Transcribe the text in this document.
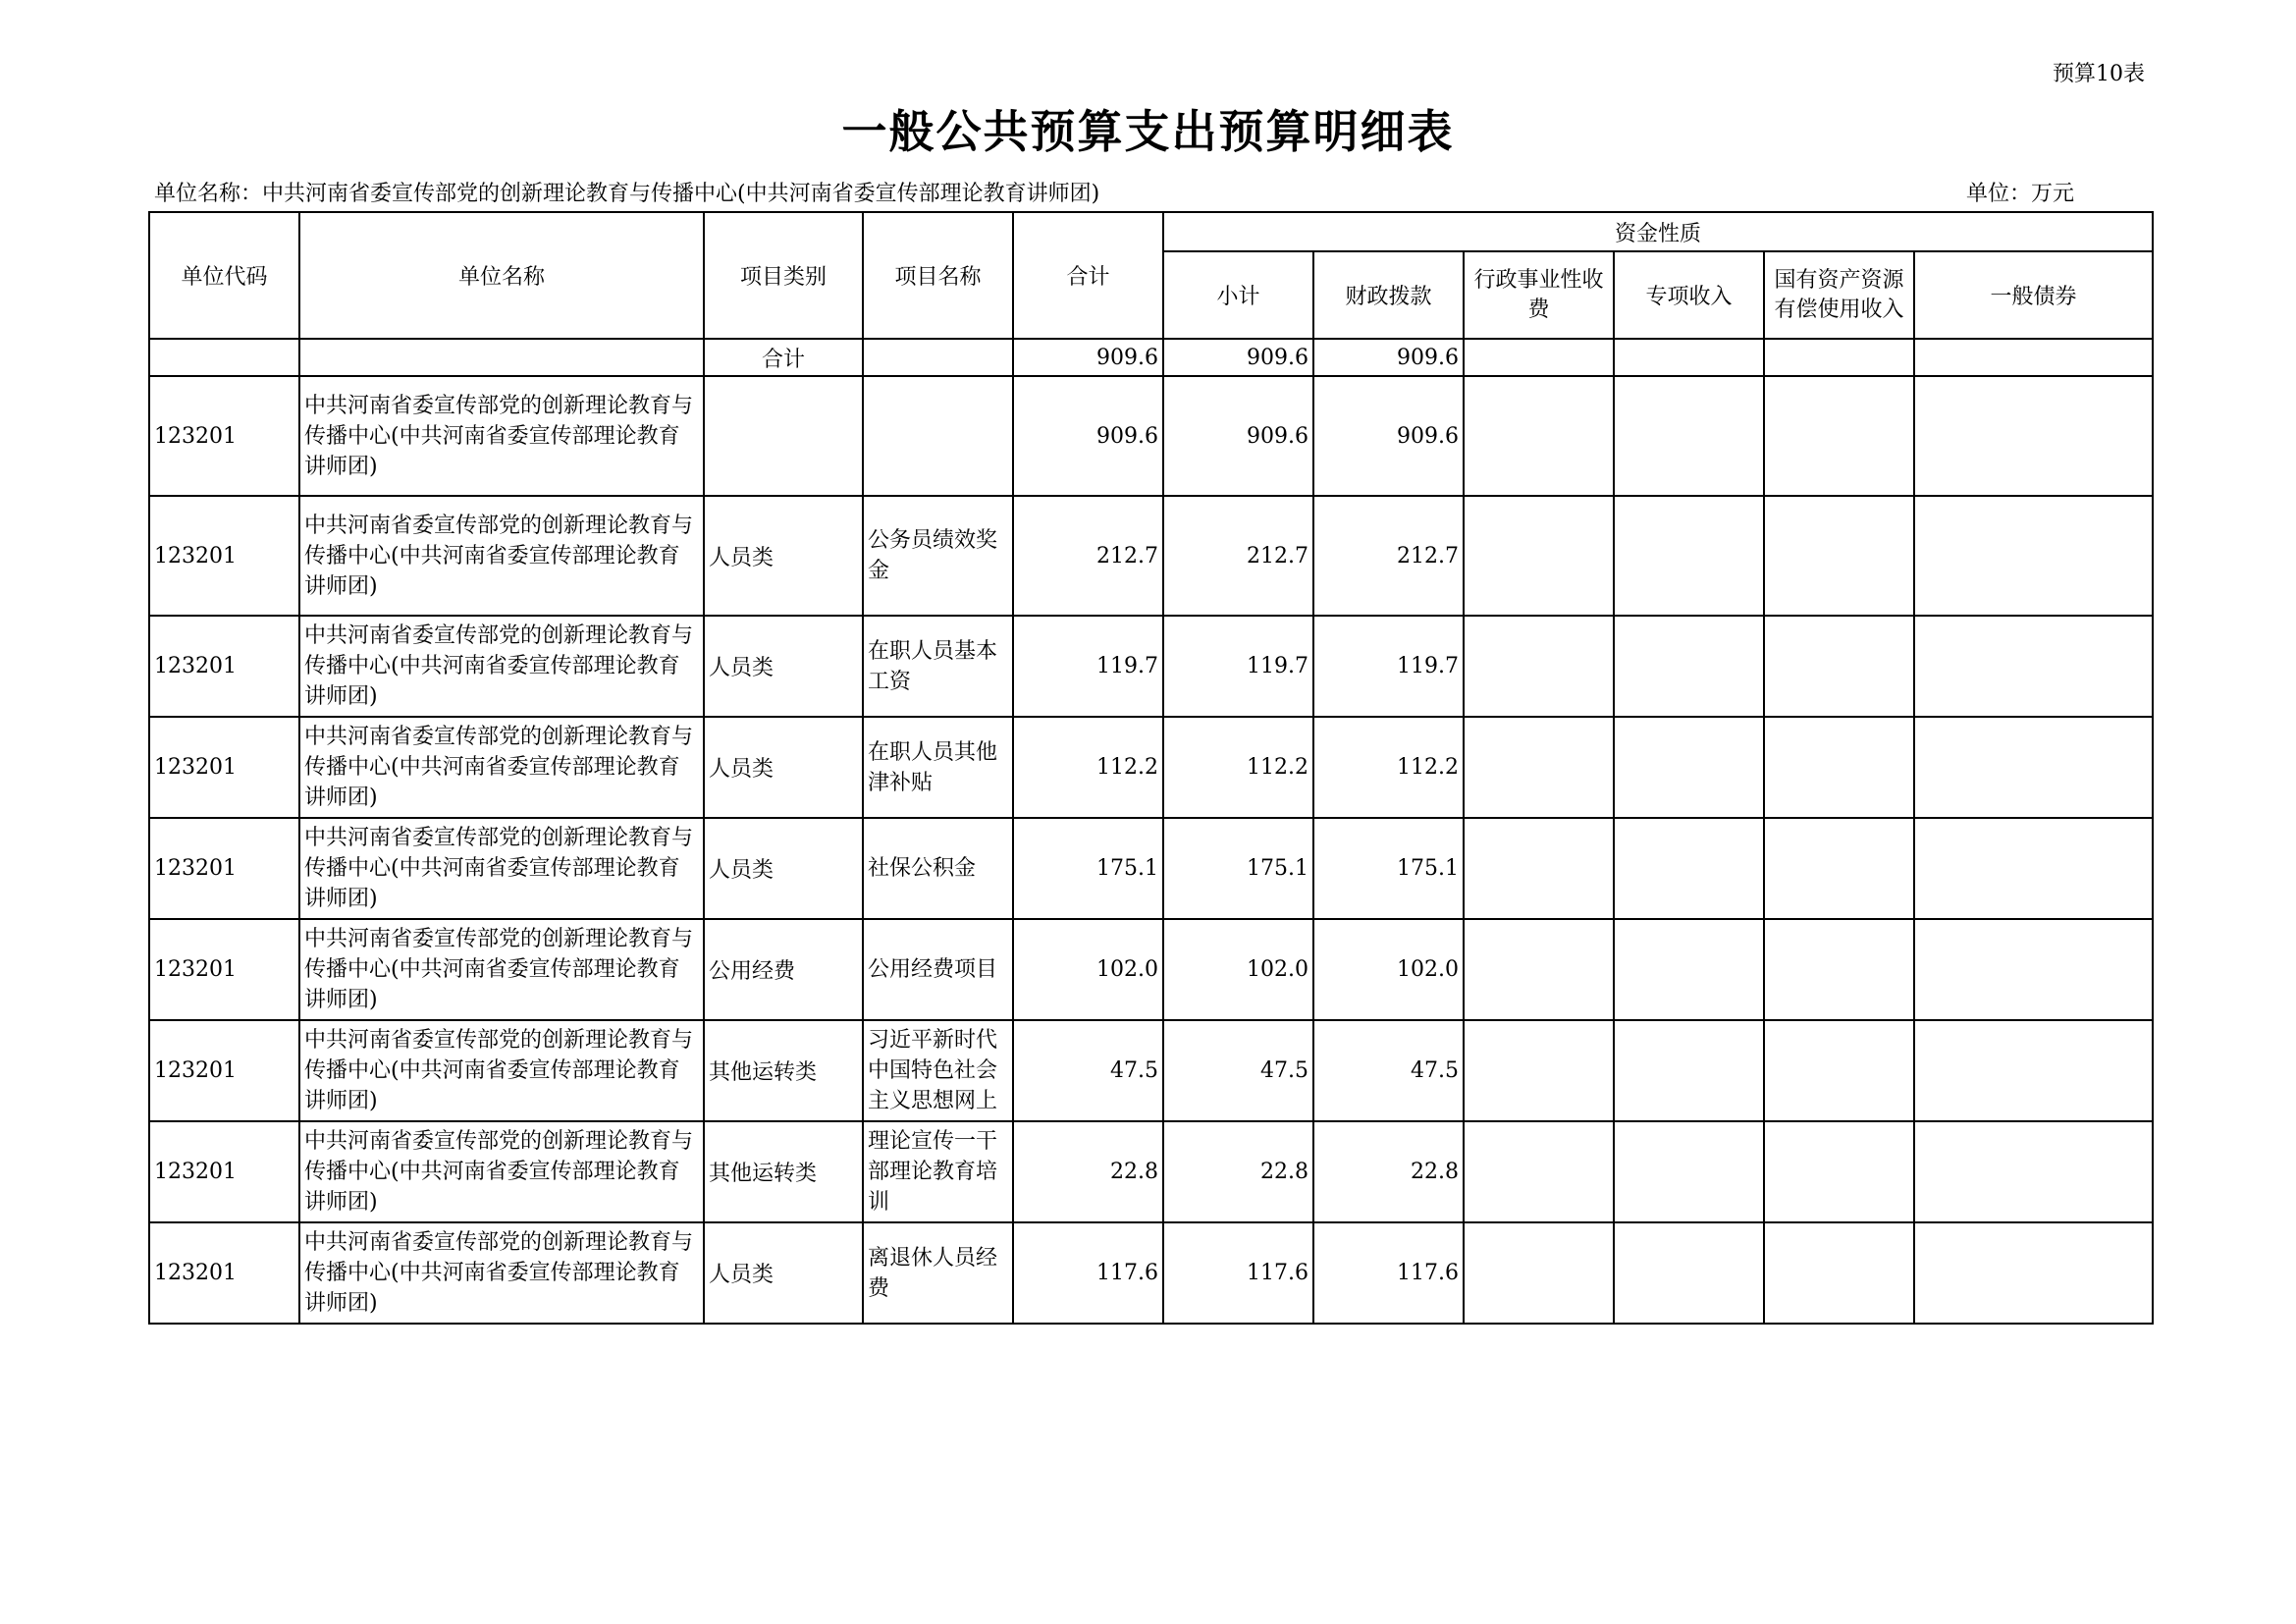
预算10表
一般公共预算支出预算明细表
单位名称：中共河南省委宣传部党的创新理论教育与传播中心(中共河南省委宣传部理论教育讲师团)	单位：万元
单位代码	单位名称	项目类别	项目名称	合计	资金性质					
					小计	财政拨款	行政事业性收费	专项收入	国有资产资源有偿使用收入	一般债券
		合计		909.6	909.6	909.6				
123201	中共河南省委宣传部党的创新理论教育与传播中心(中共河南省委宣传部理论教育讲师团)			909.6	909.6	909.6				
123201	中共河南省委宣传部党的创新理论教育与传播中心(中共河南省委宣传部理论教育讲师团)	人员类	公务员绩效奖金	212.7	212.7	212.7				
123201	中共河南省委宣传部党的创新理论教育与传播中心(中共河南省委宣传部理论教育讲师团)	人员类	在职人员基本工资	119.7	119.7	119.7				
123201	中共河南省委宣传部党的创新理论教育与传播中心(中共河南省委宣传部理论教育讲师团)	人员类	在职人员其他津补贴	112.2	112.2	112.2				
123201	中共河南省委宣传部党的创新理论教育与传播中心(中共河南省委宣传部理论教育讲师团)	人员类	社保公积金	175.1	175.1	175.1				
123201	中共河南省委宣传部党的创新理论教育与传播中心(中共河南省委宣传部理论教育讲师团)	公用经费	公用经费项目	102.0	102.0	102.0				
123201	中共河南省委宣传部党的创新理论教育与传播中心(中共河南省委宣传部理论教育讲师团)	其他运转类	习近平新时代中国特色社会主义思想网上	47.5	47.5	47.5				
123201	中共河南省委宣传部党的创新理论教育与传播中心(中共河南省委宣传部理论教育讲师团)	其他运转类	理论宣传一干部理论教育培训	22.8	22.8	22.8				
123201	中共河南省委宣传部党的创新理论教育与传播中心(中共河南省委宣传部理论教育讲师团)	人员类	离退休人员经费	117.6	117.6	117.6				
